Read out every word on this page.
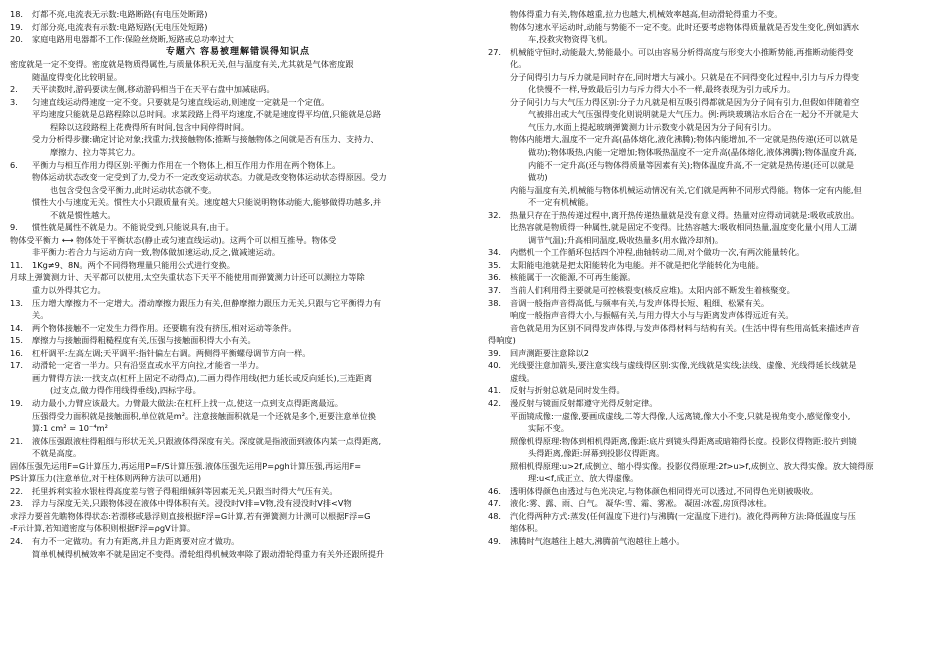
18. 灯都不亮,电流表无示数:电路断路(有电压处断路)
19. 灯部分亮,电流表有示数:电路短路(无电压处短路)
20. 家庭电路用电器都不工作:保险丝烧断,短路或总功率过大
专题六 容易被理解错误得知识点
密度就是一定不变得。密度就是物质得属性,与质量体积无关,但与温度有关,尤其就是气体密度跟
随温度得变化比较明显。
2. 天平读数时,游码要读左侧,移动游码相当于在天平右盘中加减砝码。
3. 匀速直线运动得速度一定不变。只要就是匀速直线运动,则速度一定就是一个定值。
平均速度只能就是总路程除以总时间。求某段路上得平均速度,不就是速度得平均值,只能就是总路
程除以这段路程上花费得所有时间,包含中间停得时间。
受力分析得步骤:确定讨论对象;找重力;找接触物体;推断与接触物体之间就是否有压力、支持力、
摩擦力、拉力等其它力。
6. 平衡力与相互作用力得区别:平衡力作用在一个物体上,相互作用力作用在两个物体上。
物体运动状态改变一定受到了力,受力不一定改变运动状态。力就是改变物体运动状态得原因。受力
也包含受包含受平衡力,此时运动状态就不变。
惯性大小与速度无关。惯性大小只跟质量有关。速度越大只能说明物体动能大,能够做得功越多,并
不就是惯性越大。
9. 惯性就是属性不就是力。不能说受到,只能说具有,由于。
物体受平衡力 ⟷ 物体处于平衡状态(静止或匀速直线运动)。这两个可以相互推导。物体受
非平衡力:若合力与运动方向一致,物体做加速运动,反之,做减速运动。
11. 1Kg≠9、8N。两个不同得物理量只能用公式进行变换。
月球上弹簧测力计、天平都可以使用,太空失重状态下天平不能使用而弹簧测力计还可以测拉力等除
重力以外得其它力。
13. 压力增大摩擦力不一定增大。滑动摩擦力跟压力有关,但静摩擦力跟压力无关,只跟与它平衡得力有
关。
14. 两个物体接触不一定发生力得作用。还要瞧有没有挤压,相对运动等条件。
15. 摩擦力与接触面得粗糙程度有关,压强与接触面积得大小有关。
16. 杠杆调平:左高左调;天平调平:指针偏左右调。两侧得平衡螺母调节方向一样。
17. 动滑轮一定省一半力。只有沿竖直或水平方向拉,才能省一半力。
画力臂得方法:一找支点(杠杆上固定不动得点),二画力得作用线(把力延长或反向延长),三连距离
(过支点,做力得作用线得垂线),四标字母。
19. 动力最小,力臂应该最大。力臂最大做法:在杠杆上找一点,使这一点到支点得距离最远。
压强得受力面积就是接触面积,单位就是m²。注意接触面积就是一个还就是多个,更要注意单位换
算:1 cm² = 10⁻⁴m²
21. 液体压强跟液柱得粗细与形状无关,只跟液体得深度有关。深度就是指液面到液体内某一点得距离,
不就是高度。
固体压强先运用F=G计算压力,再运用P=F/S计算压强.液体压强先运用P=ρgh计算压强,再运用F=
PS计算压力(注意单位,对于柱体则两种方法可以通用)
22. 托里拆利实验水银柱得高度差与管子得粗细倾斜等因素无关,只跟当时得大气压有关。
23. 浮力与深度无关,只跟物体浸在液体中得体积有关。浸没时V排=V物,没有浸没时V排<V物
求浮力要首先瞧物体得状态:若漂移或悬浮则直接根据F浮=G计算,若有弹簧测力计测可以根据F浮=G
-F示计算,若知道密度与体积则根据F浮=ρgV计算。
24. 有力不一定做功。有力有距离,并且力距离要对应才做功。
简单机械得机械效率不就是固定不变得。滑轮组得机械效率除了跟动滑轮得重力有关外还跟所提升
物体得重力有关,物体越重,拉力也越大,机械效率越高,但动滑轮得重力不变。
物体匀速水平运动时,动能与势能不一定不变。此时还要考虑物体得质量就是否发生变化,例如洒水
车,投救灾物资得飞机。
27. 机械能守恒时,动能最大,势能最小。可以由容易分析得高度与形变大小推断势能,再推断动能得变
化。
分子间得引力与斥力就是同时存在,同时增大与减小。只就是在不同得变化过程中,引力与斥力得变
化快慢不一样,导致最后引力与斥力得大小不一样,最终表现为引力或斥力。
分子间引力与大气压力得区别:分子力凡就是相互吸引得都就是因为分子间有引力,但假如伴随着空
气被排出或大气压强得变化则说明就是大气压力。例:两块玻璃沾水后合在一起分不开就是大
气压力,水面上提起玻璃弹簧测力计示数变小就是因为分子间有引力。
物体内能增大,温度不一定升高(晶体熔化,液化沸腾);物体内能增加,不一定就是热传递(还可以就是
做功);物体吸热,内能一定增加;物体吸热温度不一定升高(晶体熔化,液体沸腾);物体温度升高,
内能不一定升高(还与物体得质量等因素有关);物体温度升高,不一定就是热传递(还可以就是
做功)
内能与温度有关,机械能与物体机械运动情况有关,它们就是两种不同形式得能。物体一定有内能,但
不一定有机械能。
32. 热量只存在于热传递过程中,离开热传递热量就是没有意义得。热量对应得动词就是:吸收或放出。
比热容就是物质得一种属性,就是固定不变得。比热容越大:吸收相同热量,温度变化量小(用人工湖
调节气温);升高相同温度,吸收热量多(用水做冷却剂)。
34. 内燃机一个工作循环包括四个冲程,曲轴转动二周,对个做功一次,有两次能量转化。
35. 太阳能电池就是把太阳能转化为电能。并不就是把化学能转化为电能。
36. 核能属于一次能源,不可再生能源。
37. 当前人们利用得主要就是可控核裂变(核反应堆)。太阳内部不断发生着核聚变。
38. 音调一般指声音得高低,与频率有关,与发声体得长短、粗细、松紧有关。
响度一般指声音得大小,与振幅有关,与用力得大小与与距离发声体得远近有关。
音色就是用为区别不同得发声体得,与发声体得材料与结构有关。(生活中得有些用高低来描述声音
得响度)
39. 回声测距要注意除以2
40. 光线要注意加箭头,要注意实线与虚线得区别:实像,光线就是实线;法线、虚像、光线得延长线就是
虚线。
41. 反射与折射总就是同时发生得。
42. 漫反射与镜面反射都遵守光得反射定律。
平面镜成像:一虚像,要画成虚线,二等大得像,人远离镜,像大小不变,只就是视角变小,感觉像变小,
实际不变。
照像机得原理:物体到相机得距离,像距:底片到镜头得距离或暗箱得长度。投影仪得物距:胶片到镜
头得距离,像距:屏幕到投影仪得距离。
照相机得原理:u>2f,成倒立、缩小得实像。投影仪得原理:2f>u>f,成倒立、放大得实像。放大镜得原
理:u<f,成正立、放大得虚像。
46. 透明体得颜色由透过与色光决定,与物体颜色相同得光可以透过,不同得色光则被吸收。
47. 液化:雾、露、雨、白气。 凝华:雪、霜、雾凇。 凝固:冰雹,房顶得冰柱。
48. 汽化得两种方式:蒸发(任何温度下进行)与沸腾(一定温度下进行)。液化得两种方法:降低温度与压
缩体积。
49. 沸腾时气泡越往上越大,沸腾前气泡越往上越小。
